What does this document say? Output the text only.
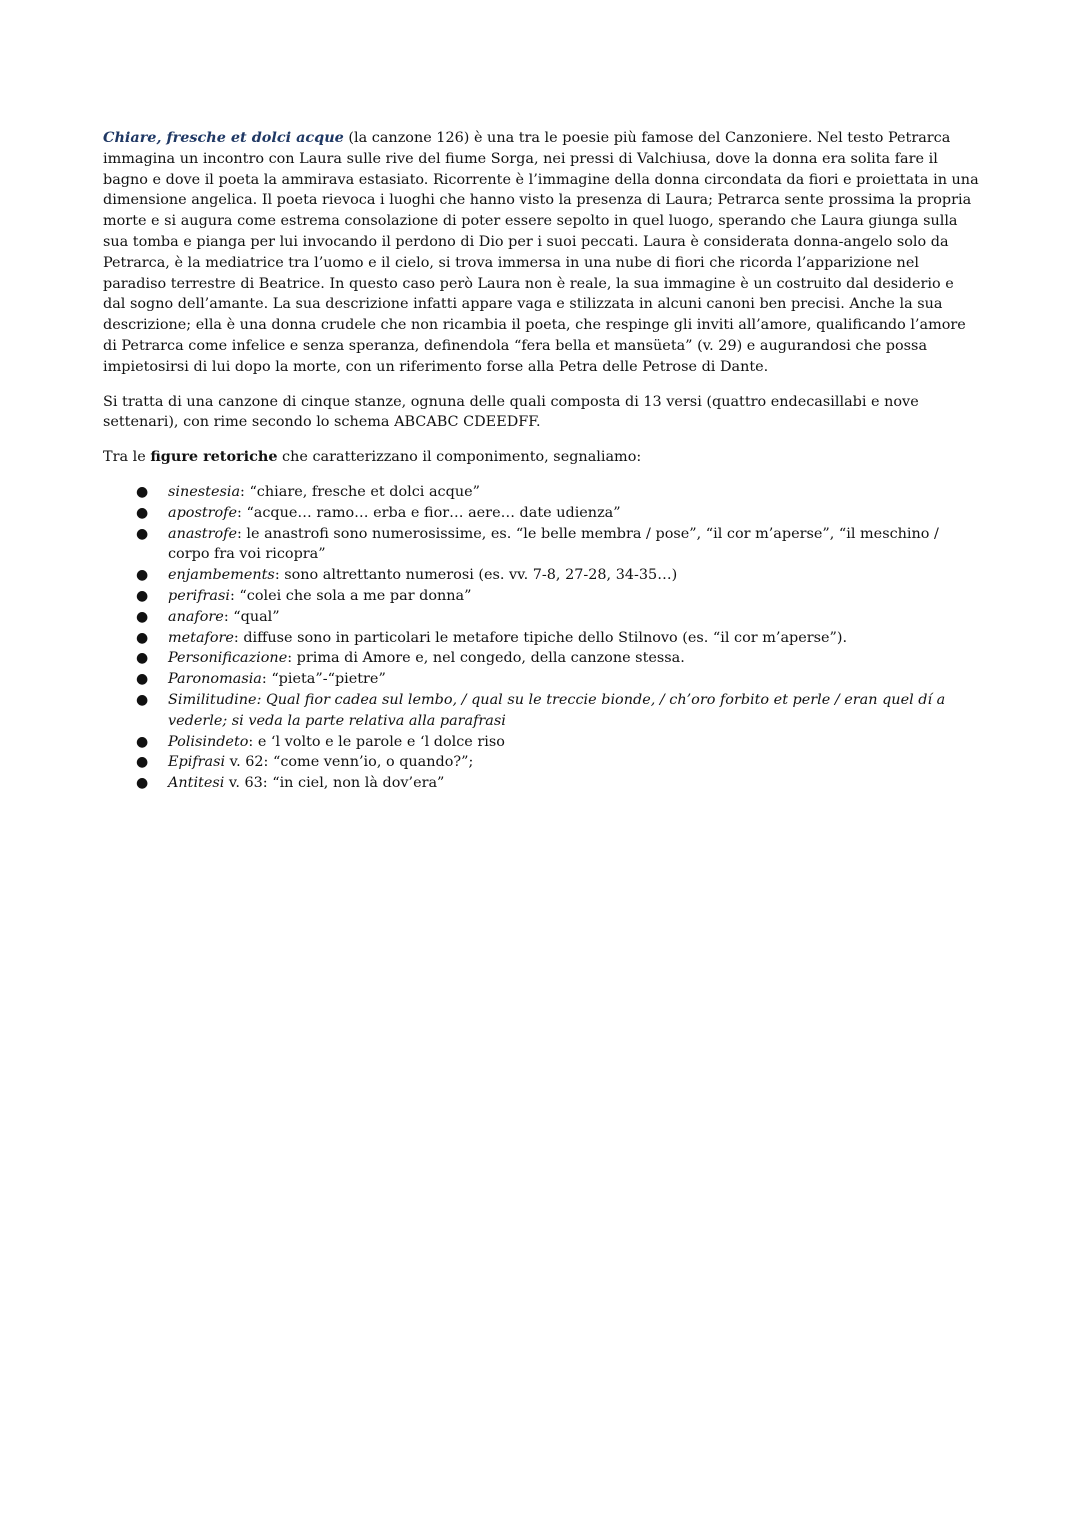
Chiare, fresche et dolci acque (la canzone 126) è una tra le poesie più famose del Canzoniere. Nel testo Petrarca immagina un incontro con Laura sulle rive del fiume Sorga, nei pressi di Valchiusa, dove la donna era solita fare il bagno e dove il poeta la ammirava estasiato. Ricorrente è l’immagine della donna circondata da fiori e proiettata in una dimensione angelica. Il poeta rievoca i luoghi che hanno visto la presenza di Laura; Petrarca sente prossima la propria morte e si augura come estrema consolazione di poter essere sepolto in quel luogo, sperando che Laura giunga sulla sua tomba e pianga per lui invocando il perdono di Dio per i suoi peccati. Laura è considerata donna-angelo solo da Petrarca, è la mediatrice tra l’uomo e il cielo, si trova immersa in una nube di fiori che ricorda l’apparizione nel paradiso terrestre di Beatrice. In questo caso però Laura non è reale, la sua immagine è un costruito dal desiderio e dal sogno dell’amante. La sua descrizione infatti appare vaga e stilizzata in alcuni canoni ben precisi. Anche la sua descrizione; ella è una donna crudele che non ricambia il poeta, che respinge gli inviti all’amore, qualificando l’amore di Petrarca come infelice e senza speranza, definendola “fera bella et mansüeta” (v. 29) e augurandosi che possa impietosirsi di lui dopo la morte, con un riferimento forse alla Petra delle Petrose di Dante.

Si tratta di una canzone di cinque stanze, ognuna delle quali composta di 13 versi (quattro endecasillabi e nove settenari), con rime secondo lo schema ABCABC CDEEDFF.

Tra le figure retoriche che caratterizzano il componimento, segnaliamo:

● sinestesia: “chiare, fresche et dolci acque”
● apostrofe: “acque… ramo… erba e fior… aere… date udienza”
● anastrofe: le anastrofi sono numerosissime, es. “le belle membra / pose”, “il cor m’aperse”, “il meschino / corpo fra voi ricopra”
● enjambements: sono altrettanto numerosi (es. vv. 7-8, 27-28, 34-35…)
● perifrasi: “colei che sola a me par donna”
● anafore: “qual”
● metafore: diffuse sono in particolari le metafore tipiche dello Stilnovo (es. “il cor m’aperse”).
● Personificazione: prima di Amore e, nel congedo, della canzone stessa.
● Paronomasia: “pieta”-“pietre”
● Similitudine: Qual fior cadea sul lembo, / qual su le treccie bionde, / ch’oro forbito et perle / eran quel dí a vederle; si veda la parte relativa alla parafrasi
● Polisindeto: e ‘l volto e le parole e ‘l dolce riso
● Epifrasi v. 62: “come venn’io, o quando?”;
● Antitesi v. 63: “in ciel, non là dov’era”
